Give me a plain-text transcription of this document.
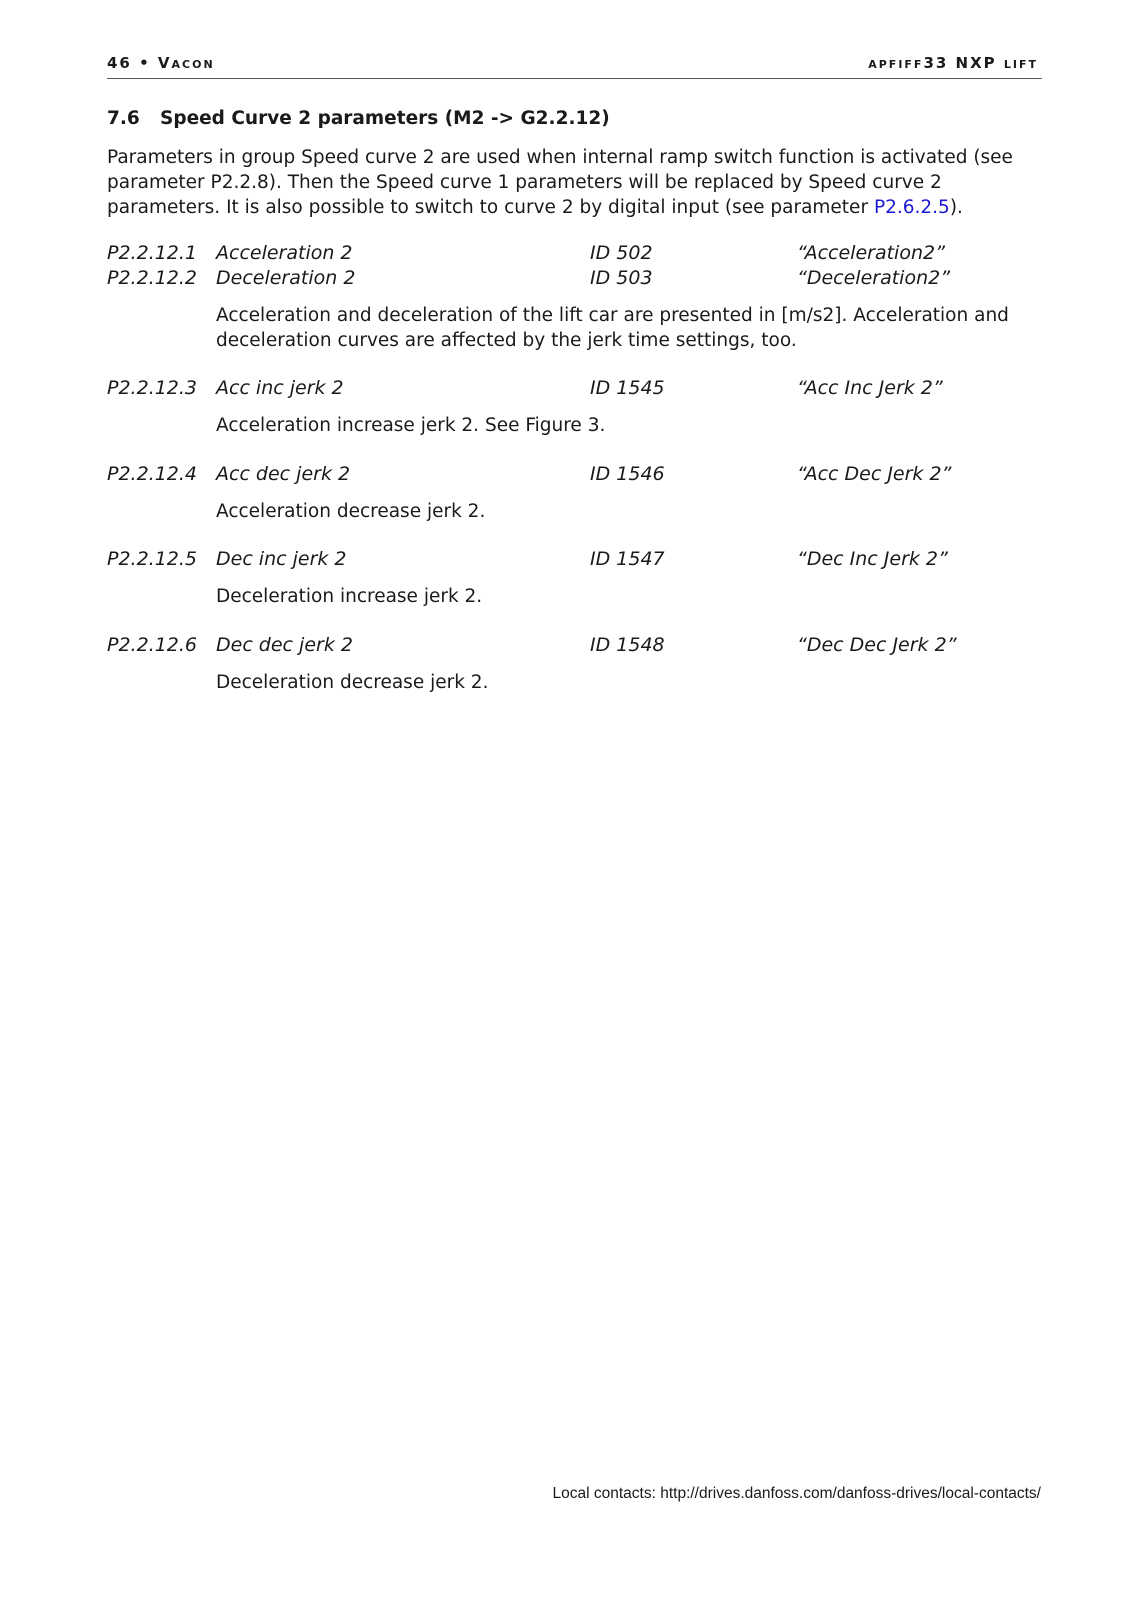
46 • Vacon	apfiff33 NXP lift
7.6 Speed Curve 2 parameters (M2 -> G2.2.12)
Parameters in group Speed curve 2 are used when internal ramp switch function is activated (see parameter P2.2.8). Then the Speed curve 1 parameters will be replaced by Speed curve 2 parameters. It is also possible to switch to curve 2 by digital input (see parameter P2.6.2.5).
P2.2.12.1 Acceleration 2	ID 502	“Acceleration2”
P2.2.12.2 Deceleration 2	ID 503	“Deceleration2”
Acceleration and deceleration of the lift car are presented in [m/s2]. Acceleration and deceleration curves are affected by the jerk time settings, too.
P2.2.12.3 Acc inc jerk 2	ID 1545	“Acc Inc Jerk 2”
Acceleration increase jerk 2. See Figure 3.
P2.2.12.4 Acc dec jerk 2	ID 1546	“Acc Dec Jerk 2”
Acceleration decrease jerk 2.
P2.2.12.5 Dec inc jerk 2	ID 1547	“Dec Inc Jerk 2”
Deceleration increase jerk 2.
P2.2.12.6 Dec dec jerk 2	ID 1548	“Dec Dec Jerk 2”
Deceleration decrease jerk 2.
Local contacts: http://drives.danfoss.com/danfoss-drives/local-contacts/
